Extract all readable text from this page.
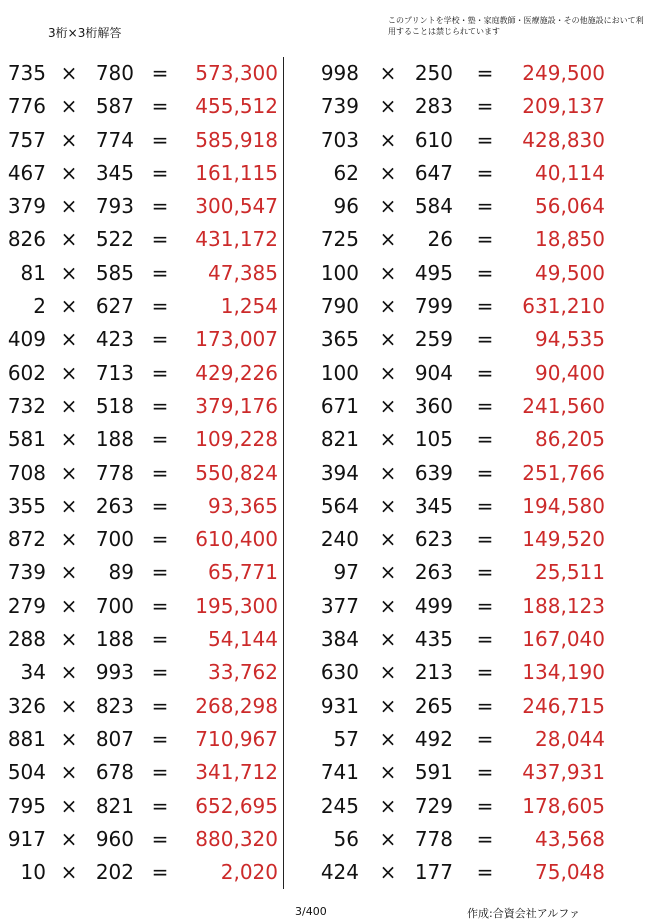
3桁×3桁解答
このプリントを学校・塾・家庭教師・医療施設・その他施設において利用することは禁じられています
735 × 780 =	573,300
776 × 587 =	455,512
757 × 774 =	585,918
467 × 345 =	161,115
379 × 793 =	300,547
826 × 522 =	431,172
81 × 585 =	47,385
2 × 627 =	1,254
409 × 423 =	173,007
602 × 713 =	429,226
732 × 518 =	379,176
581 × 188 =	109,228
708 × 778 =	550,824
355 × 263 =	93,365
872 × 700 =	610,400
739 ×	89 =	65,771
279 × 700 =	195,300
288 × 188 =	54,144
34 × 993 =	33,762
326 × 823 =	268,298
881 × 807 =	710,967
504 × 678 =	341,712
795 × 821 =	652,695
917 × 960 =	880,320
10 × 202 =	2,020
998 × 250 =	249,500
739 × 283 =	209,137
703 × 610 =	428,830
62 × 647 =	40,114
96 × 584 =	56,064
725 ×	26 =	18,850
100 × 495 =	49,500
790 × 799 =	631,210
365 × 259 =	94,535
100 × 904 =	90,400
671 × 360 =	241,560
821 × 105 =	86,205
394 × 639 =	251,766
564 × 345 =	194,580
240 × 623 =	149,520
97 × 263 =	25,511
377 × 499 =	188,123
384 × 435 =	167,040
630 × 213 =	134,190
931 × 265 =	246,715
57 × 492 =	28,044
741 × 591 =	437,931
245 × 729 =	178,605
56 × 778 =	43,568
424 × 177 =	75,048
3/400	作成:合資会社アルファ
